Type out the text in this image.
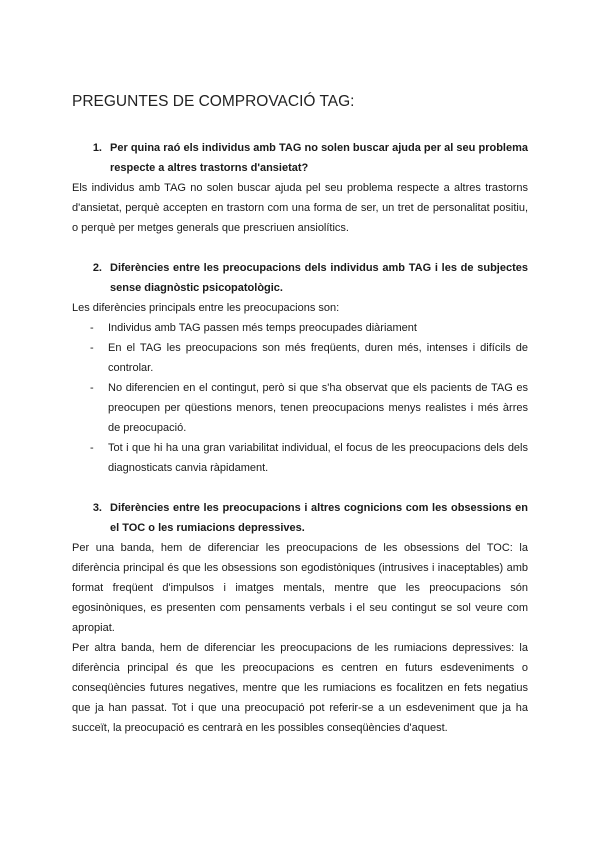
PREGUNTES DE COMPROVACIÓ TAG:
1. Per quina raó els individus amb TAG no solen buscar ajuda per al seu problema respecte a altres trastorns d'ansietat?

Els individus amb TAG no solen buscar ajuda pel seu problema respecte a altres trastorns d'ansietat, perquè accepten en trastorn com una forma de ser, un tret de personalitat positiu, o perquè per metges generals que prescriuen ansiolítics.

2. Diferències entre les preocupacions dels individus amb TAG i les de subjectes sense diagnòstic psicopatològic.

Les diferències principals entre les preocupacions son:

-	Individus amb TAG passen més temps preocupades diàriament
-	En el TAG les preocupacions son més freqüents, duren més, intenses i difícils de controlar.
-	No diferencien en el contingut, però si que s'ha observat que els pacients de TAG es preocupen per qüestions menors, tenen preocupacions menys realistes i més àrres de preocupació.
-	Tot i que hi ha una gran variabilitat individual, el focus de les preocupacions dels dels diagnosticats canvia ràpidament.
3. Diferències entre les preocupacions i altres cognicions com les obsessions en el TOC o les rumiacions depressives.

Per una banda, hem de diferenciar les preocupacions de les obsessions del TOC: la diferència principal és que les obsessions son egodistòniques (intrusives i inaceptables) amb format freqüent d'impulsos i imatges mentals, mentre que les preocupacions són egosinòniques, es presenten com pensaments verbals i el seu contingut se sol veure com apropiat.

Per altra banda, hem de diferenciar les preocupacions de les rumiacions depressives: la diferència principal és que les preocupacions es centren en futurs esdeveniments o conseqüències futures negatives, mentre que les rumiacions es focalitzen en fets negatius que ja han passat. Tot i que una preocupació pot referir-se a un esdeveniment que ja ha succeït, la preocupació es centrarà en les possibles conseqüències d'aquest.
